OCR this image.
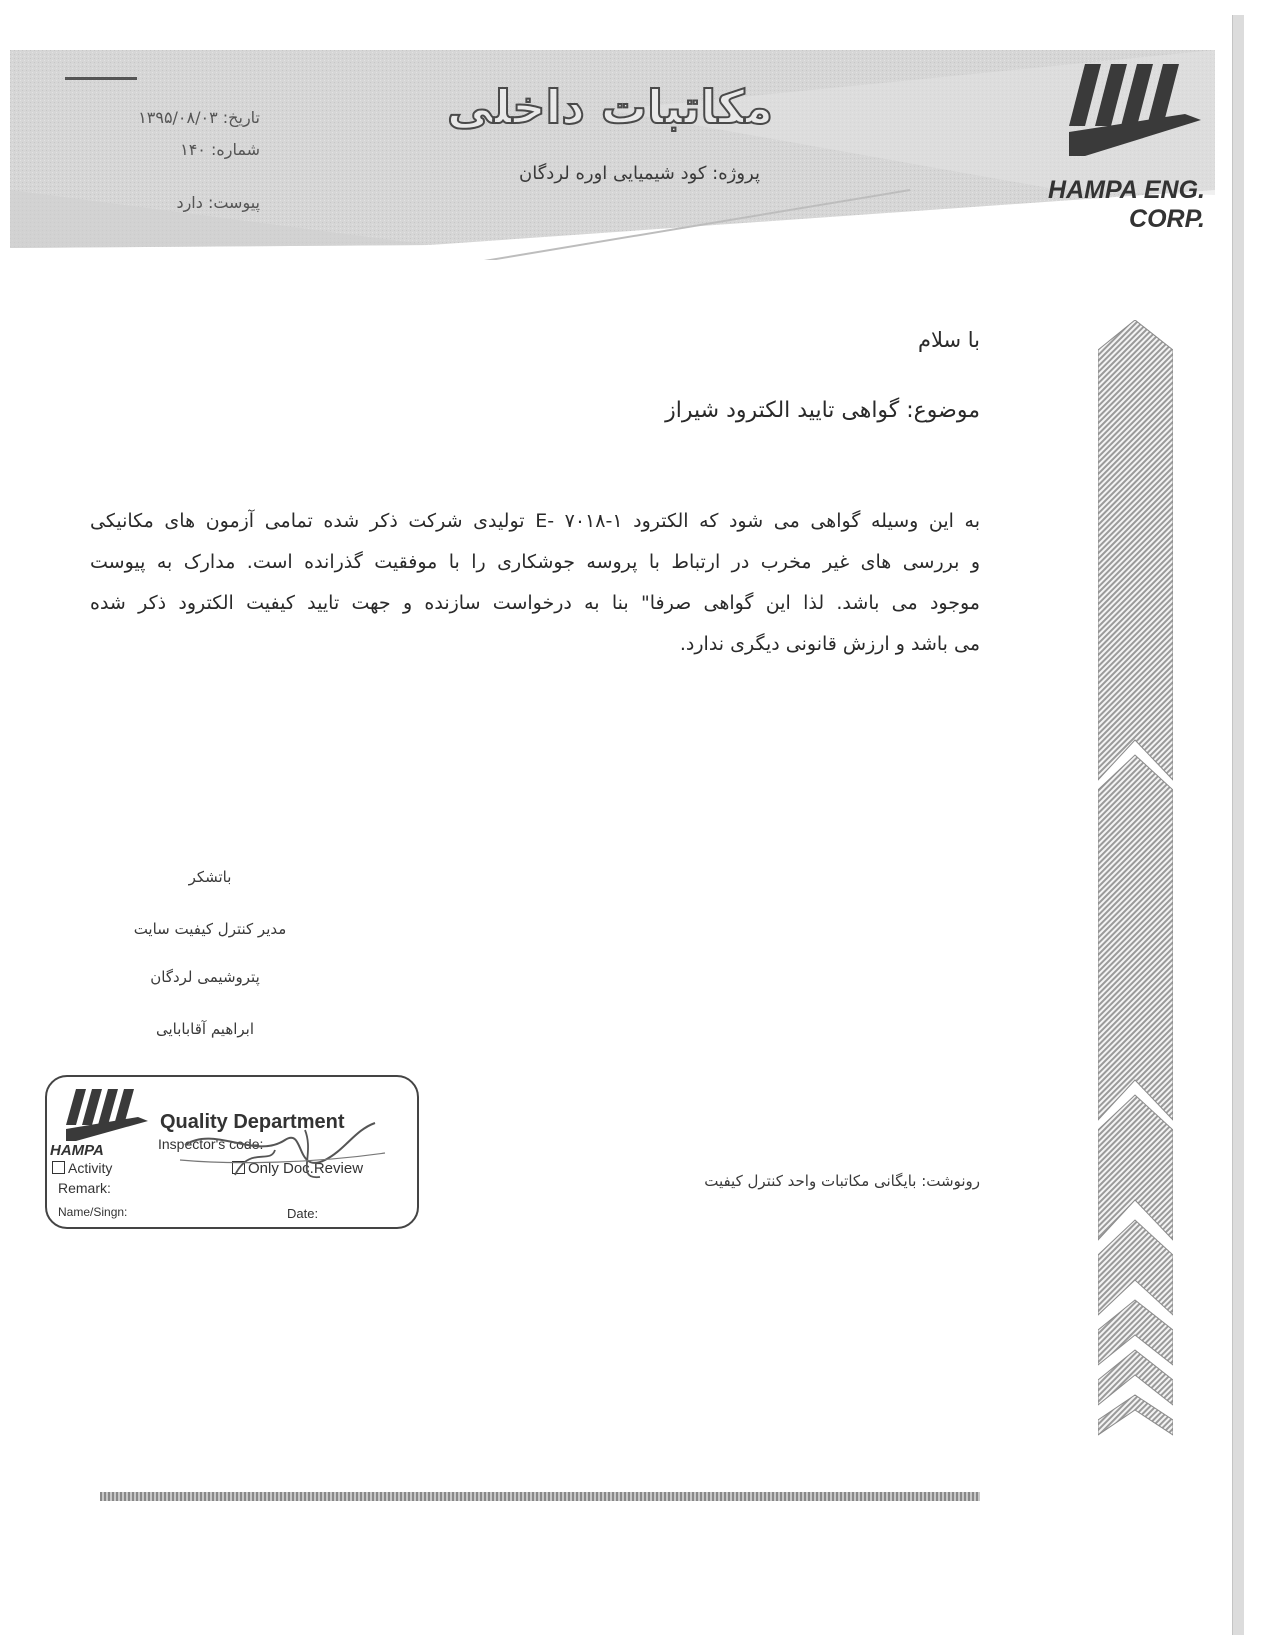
مکاتبات داخلی
پروژه: کود شیمیایی اوره لردگان
تاریخ: ۱۳۹۵/۰۸/۰۳
شماره: ۱۴۰
پیوست: دارد	HAMPA ENG. CORP.
با سلام
موضوع: گواهی تایید الکترود شیراز
به این وسیله گواهی می شود که الکترود E- ۷۰۱۸-۱ تولیدی شرکت ذکر شده تمامی آزمون های مکانیکی
و بررسی های غیر مخرب در ارتباط با پروسه جوشکاری را با موفقیت گذرانده است. مدارک به پیوست
موجود می باشد. لذا این گواهی صرفا" بنا به درخواست سازنده و جهت تایید کیفیت الکترود ذکر شده
می باشد و ارزش قانونی دیگری ندارد.
باتشکر
مدیر کنترل کیفیت سایت
پتروشیمی لردگان
ابراهیم آقابابایی
HAMPA
Quality Department
Inspector's code:
Activity	Only Doc.Review
Remark:
Name/Singn:	Date:
رونوشت: بایگانی مکاتبات واحد کنترل کیفیت
